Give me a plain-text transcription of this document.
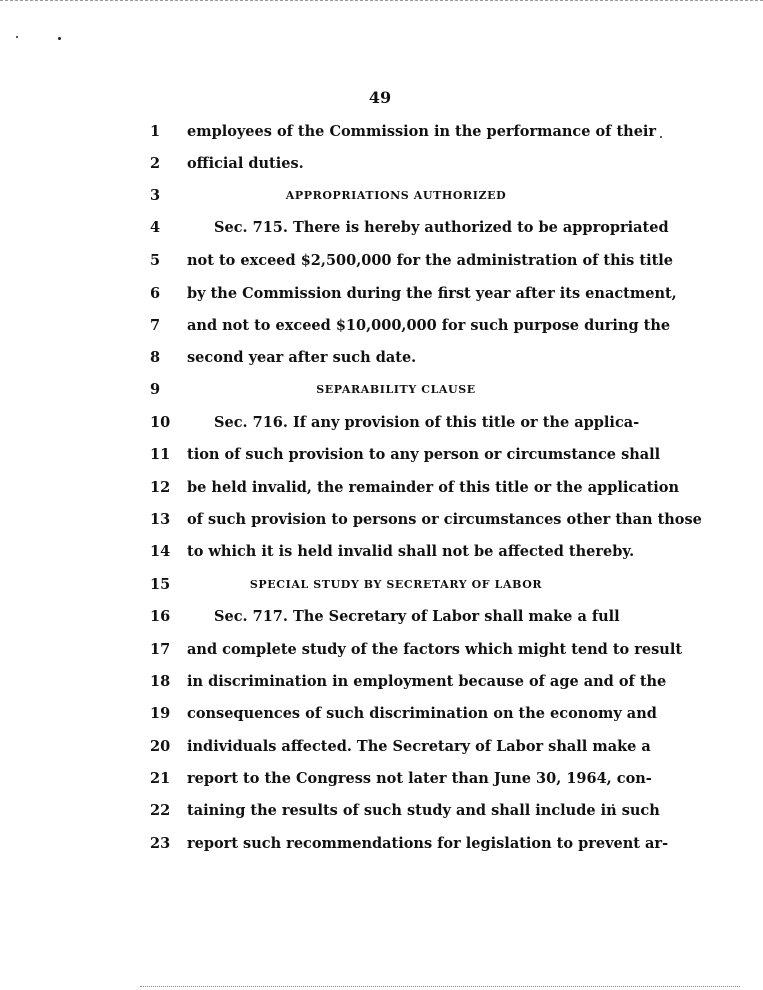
49
1	employees of the Commission in the performance of their
2	official duties.
3	APPROPRIATIONS AUTHORIZED
4	Sec. 715. There is hereby authorized to be appropriated
5	not to exceed $2,500,000 for the administration of this title
6	by the Commission during the first year after its enactment,
7	and not to exceed $10,000,000 for such purpose during the
8	second year after such date.
9	SEPARABILITY CLAUSE
10	Sec. 716. If any provision of this title or the applica-
11	tion of such provision to any person or circumstance shall
12	be held invalid, the remainder of this title or the application
13	of such provision to persons or circumstances other than those
14	to which it is held invalid shall not be affected thereby.
15	SPECIAL STUDY BY SECRETARY OF LABOR
16	Sec. 717. The Secretary of Labor shall make a full
17	and complete study of the factors which might tend to result
18	in discrimination in employment because of age and of the
19	consequences of such discrimination on the economy and
20	individuals affected. The Secretary of Labor shall make a
21	report to the Congress not later than June 30, 1964, con-
22	taining the results of such study and shall include in such
23	report such recommendations for legislation to prevent ar-
